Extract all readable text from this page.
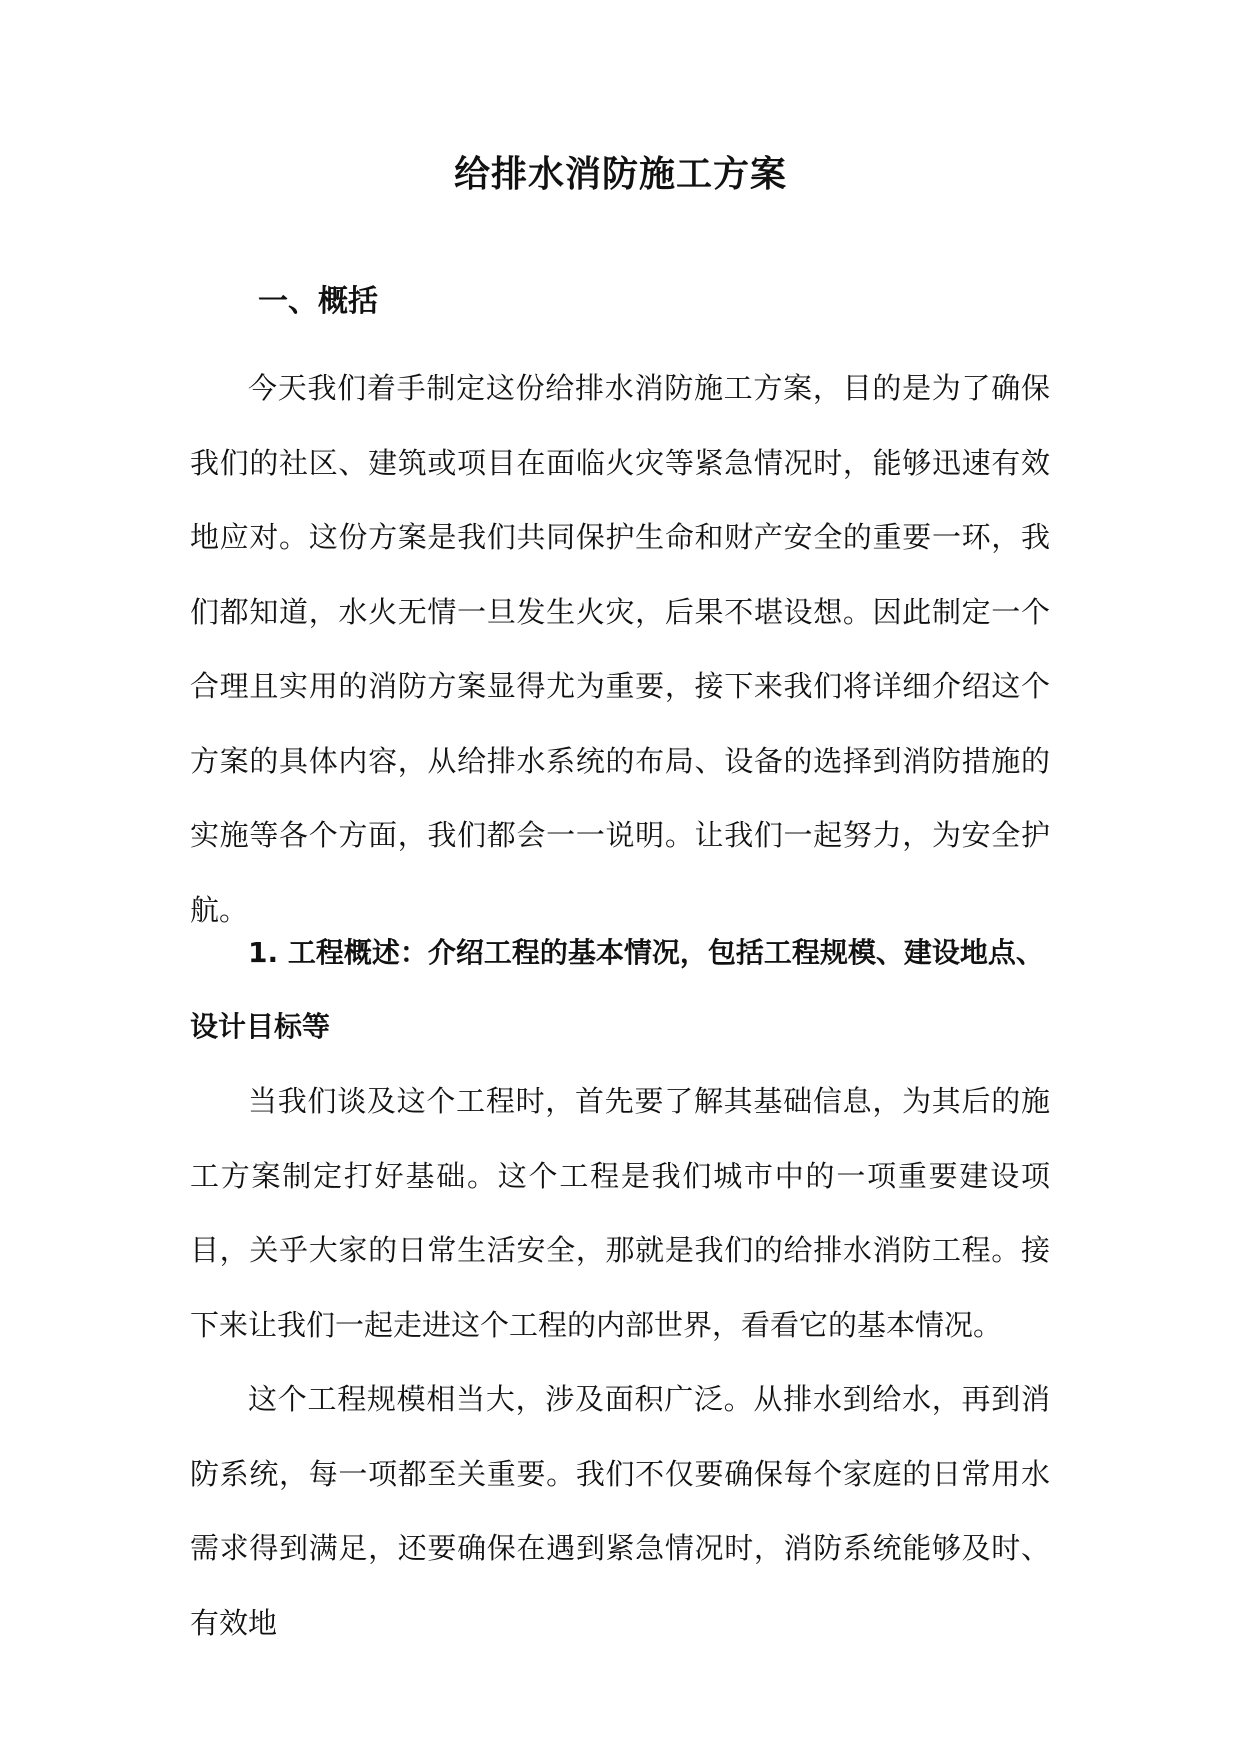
给排水消防施工方案
一、概括

今天我们着手制定这份给排水消防施工方案，目的是为了确保我们的社区、建筑或项目在面临火灾等紧急情况时，能够迅速有效地应对。这份方案是我们共同保护生命和财产安全的重要一环，我们都知道，水火无情一旦发生火灾，后果不堪设想。因此制定一个合理且实用的消防方案显得尤为重要，接下来我们将详细介绍这个方案的具体内容，从给排水系统的布局、设备的选择到消防措施的实施等各个方面，我们都会一一说明。让我们一起努力，为安全护航。

1. 工程概述：介绍工程的基本情况，包括工程规模、建设地点、设计目标等

当我们谈及这个工程时，首先要了解其基础信息，为其后的施工方案制定打好基础。这个工程是我们城市中的一项重要建设项目，关乎大家的日常生活安全，那就是我们的给排水消防工程。接下来让我们一起走进这个工程的内部世界，看看它的基本情况。

这个工程规模相当大，涉及面积广泛。从排水到给水，再到消防系统，每一项都至关重要。我们不仅要确保每个家庭的日常用水需求得到满足，还要确保在遇到紧急情况时，消防系统能够及时、有效地
